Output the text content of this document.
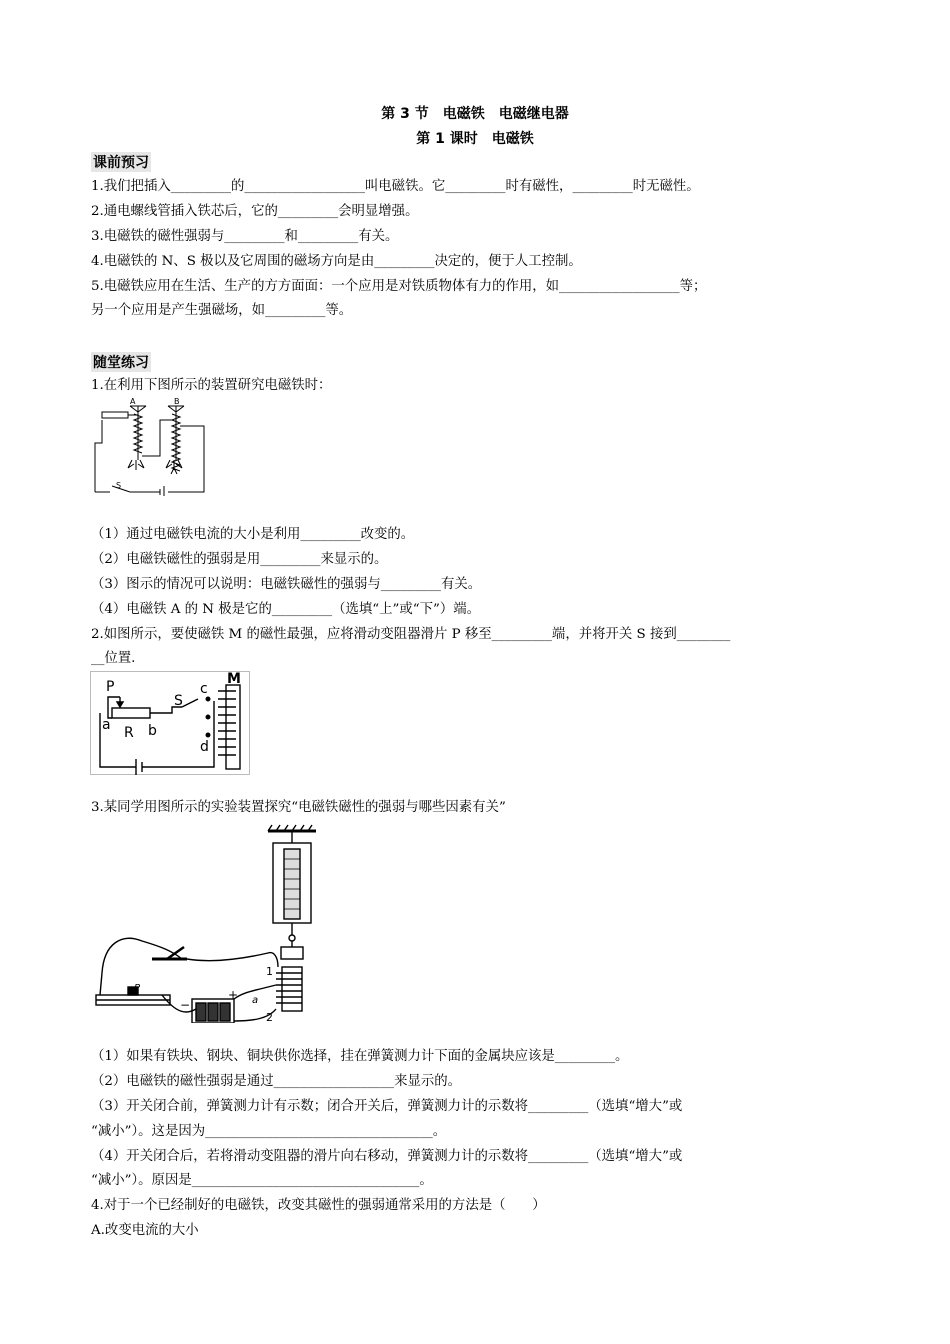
第 3 节　电磁铁　电磁继电器
第 1 课时　电磁铁
课前预习
1.我们把插入_________的__________________叫电磁铁。它_________时有磁性，_________时无磁性。
2.通电螺线管插入铁芯后，它的_________会明显增强。
3.电磁铁的磁性强弱与_________和_________有关。
4.电磁铁的 N、S 极以及它周围的磁场方向是由_________决定的，便于人工控制。
5.电磁铁应用在生活、生产的方方面面：一个应用是对铁质物体有力的作用，如__________________等；
另一个应用是产生强磁场，如_________等。
随堂练习
1.在利用下图所示的装置研究电磁铁时：
A	B
S
（1）通过电磁铁电流的大小是利用_________改变的。
（2）电磁铁磁性的强弱是用_________来显示的。
（3）图示的情况可以说明：电磁铁磁性的强弱与_________有关。
（4）电磁铁 A 的 N 极是它的_________（选填“上”或“下”）端。
2.如图所示，要使磁铁 M 的磁性最强，应将滑动变阻器滑片 P 移至_________端，并将开关 S 接到________
__位置.
P
S
c
M
a R b
d
3.某同学用图所示的实验装置探究“电磁铁磁性的强弱与哪些因素有关”
P
1
2
a
−
+
（1）如果有铁块、钢块、铜块供你选择，挂在弹簧测力计下面的金属块应该是_________。
（2）电磁铁的磁性强弱是通过__________________来显示的。
（3）开关闭合前，弹簧测力计有示数；闭合开关后，弹簧测力计的示数将_________（选填“增大”或
“减小”）。这是因为__________________________________。
（4）开关闭合后，若将滑动变阻器的滑片向右移动，弹簧测力计的示数将_________（选填“增大”或
“减小”）。原因是__________________________________。
4.对于一个已经制好的电磁铁，改变其磁性的强弱通常采用的方法是（　　）
A.改变电流的大小
